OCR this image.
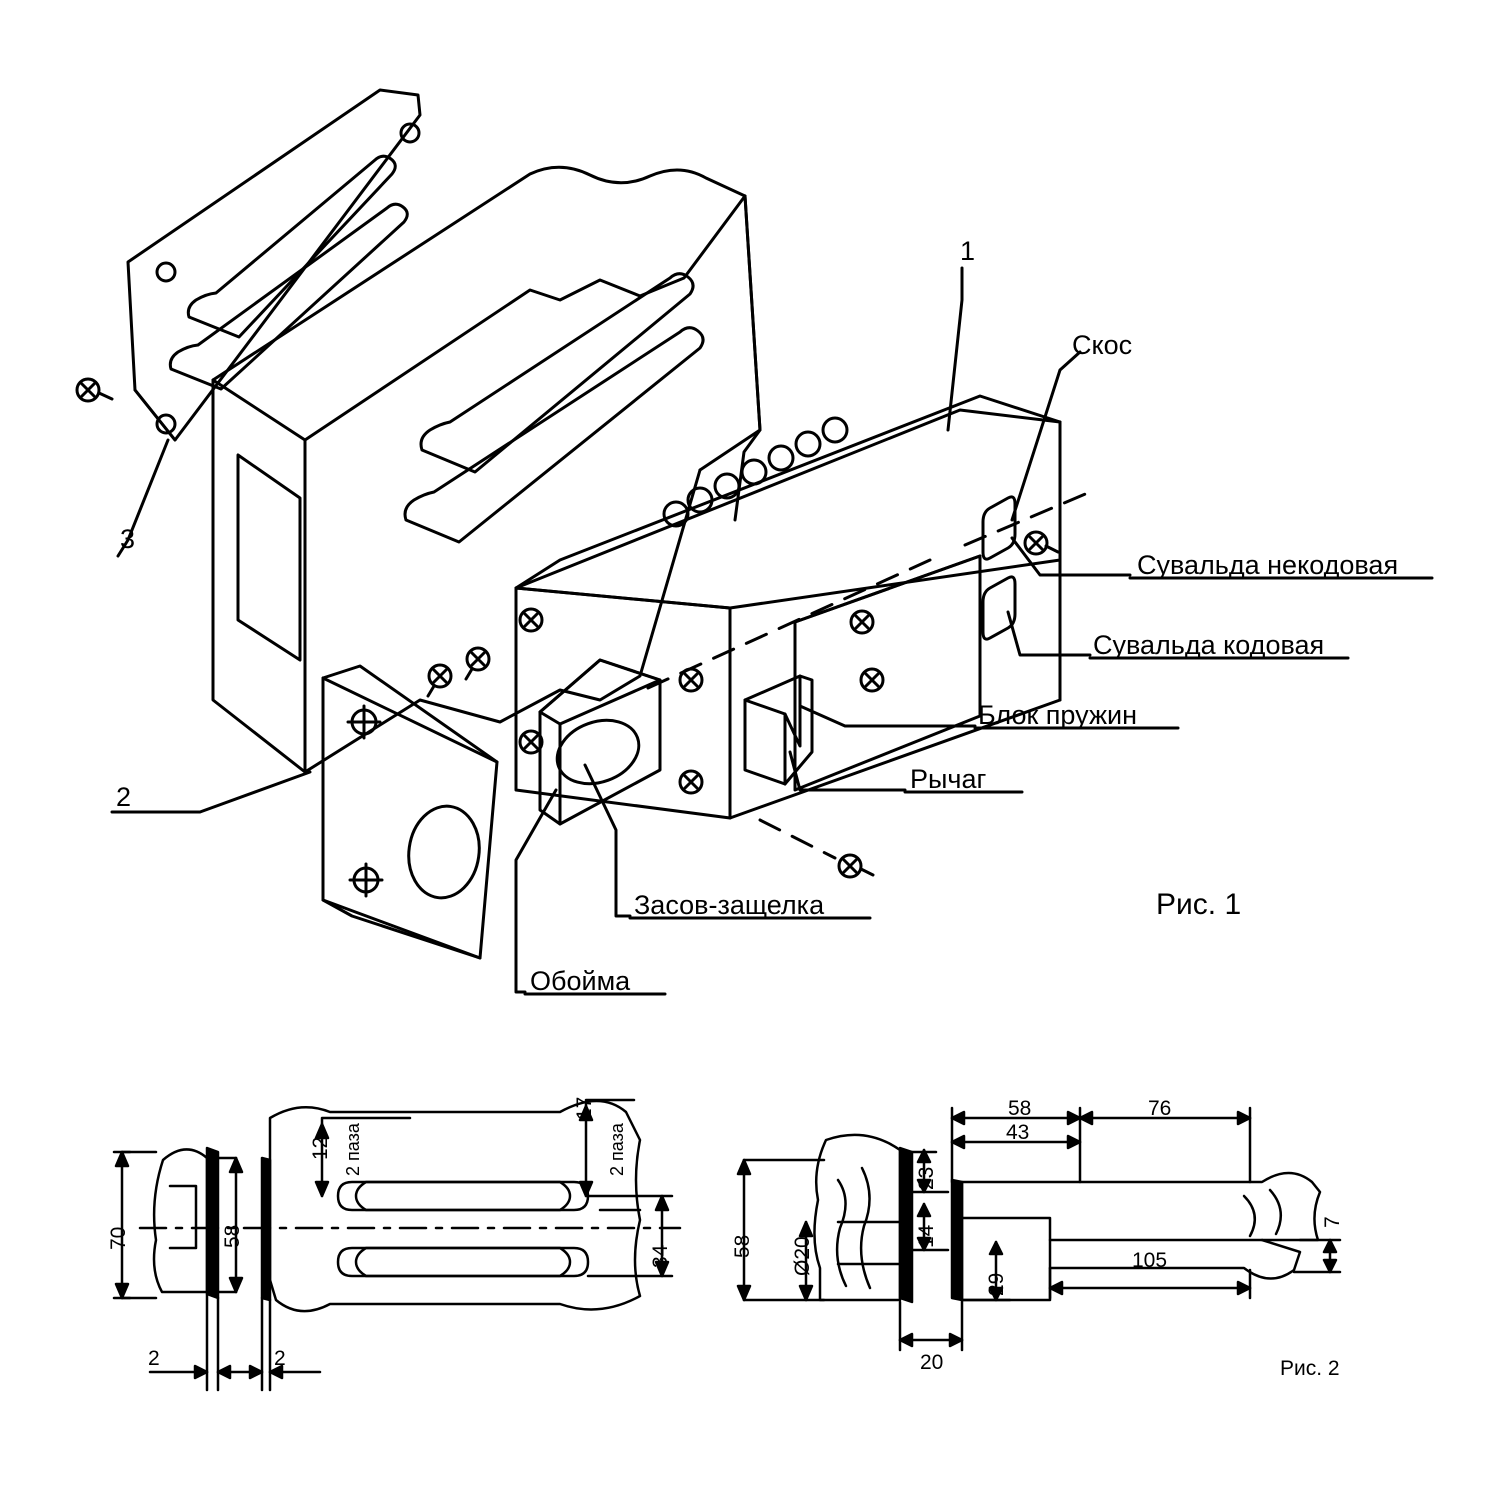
1
3
2
Скос
Сувальда некодовая
Сувальда кодовая
Блок пружин
Рычаг
Засов-защелка
Обойма
Рис. 1
70	58
12
17
34
2	2
2 паза	2 паза
58 Ø20
23
14
29
58	76
43
105
20
7
Рис. 2
